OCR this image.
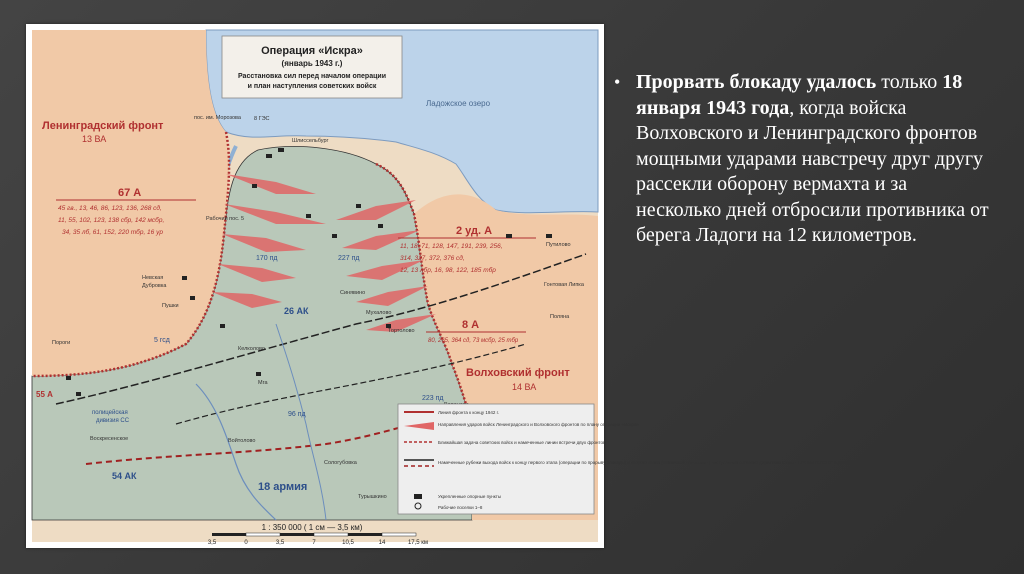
Операция «Искра»
(январь 1943 г.)
Расстановка сил перед началом операции
и план наступления советских войск
Ладожское озеро
Ленинградский фронт
13 ВА
Волховский фронт
14 ВА
67 А
45 гв., 13, 46, 86, 123, 136, 268 сд,
11, 55, 102, 123, 138 сбр, 142 мсбр,
34, 35 лб, 61, 152, 220 тбр, 16 ур	2 уд. А
11, 18, 71, 128, 147, 191, 239, 256,
314, 327, 372, 376 сд,
12, 13 лбр, 16, 98, 122, 185 тбр
8 А
80, 265, 364 сд, 73 мсбр, 25 тбр
18 армия
26 АК
54 АК
170 пд	227 пд
96 пд
223 пд
5 гсд
полицейская
дивизия СС
пос. им. Морозова
Шлиссельбург
Невская
Дубровка
Пушки
Мга
Тортолово
Путилово
Синявино
Келколово
Войтолово
Сологубовка
Турышкино
Воскресенское
Рабочий пос. 5
Гонтовая Липка
Пороги
Мухалово
Поляна
8 ГЭС
55 А
Линия фронта к концу 1942 г.
Направления ударов войск Ленинградского и Волховского фронтов по плану операции «Искра»
Ближайшая задача советских войск и намеченные линии встречи двух фронтов
Намеченные рубежи выхода войск к концу первого этапа (операции по прорыву блокады) и второго этапа («Мгинской операции») наступления согласно директиве Ставки ВГК №170703 от 8 декабря 1942 г.
Укрепленные опорные пункты
Рабочие поселки 1–8
1 : 350 000 ( 1 см — 3,5 км)
3,5	0	3,5	7	10,5	14	17,5 км
• Прорвать блокаду удалось только 18 января 1943 года, когда войска Волховского и Ленинградского фронтов мощными ударами навстречу друг другу рассекли оборону вермахта и за несколько дней отбросили противника от берега Ладоги на 12 километров.
